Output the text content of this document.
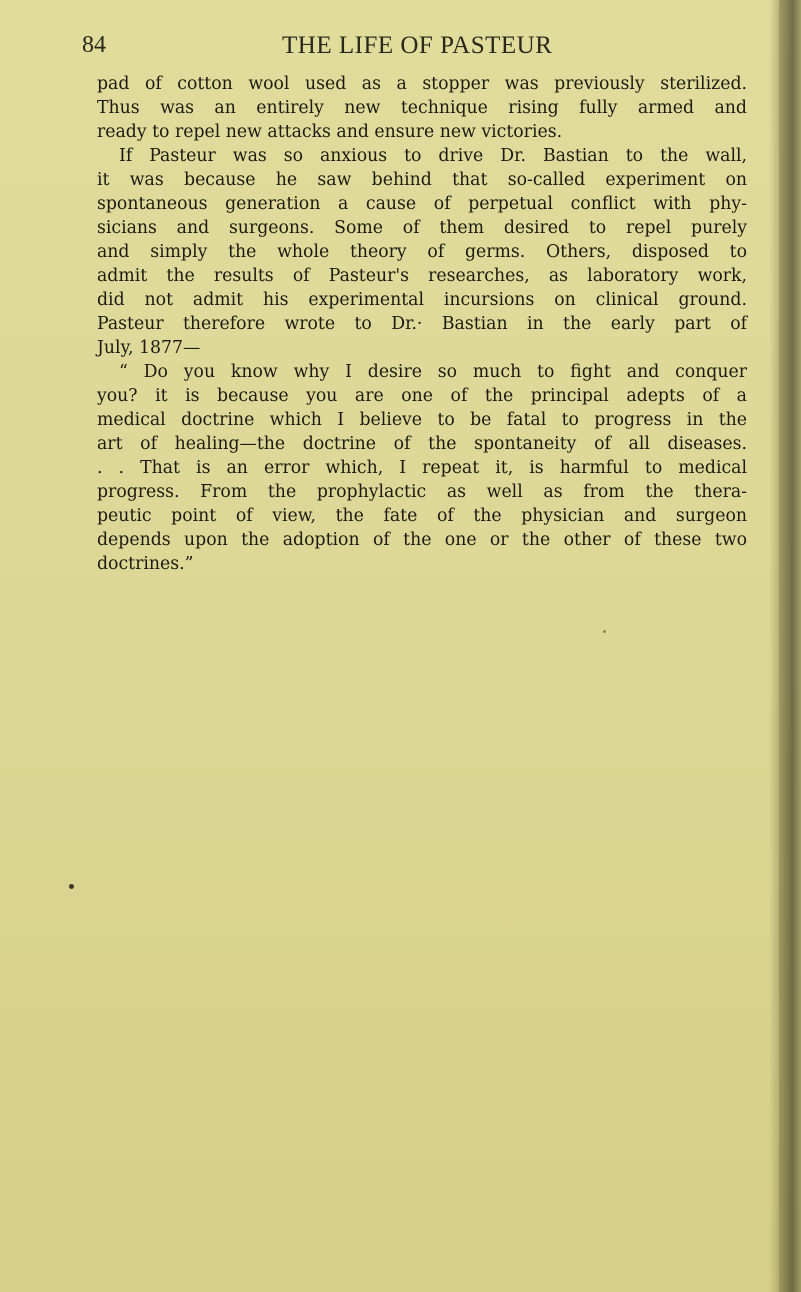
84	THE LIFE OF PASTEUR
pad of cotton wool used as a stopper was previously sterilized.
Thus was an entirely new technique rising fully armed and
ready to repel new attacks and ensure new victories.
If Pasteur was so anxious to drive Dr. Bastian to the wall,
it was because he saw behind that so-called experiment on
spontaneous generation a cause of perpetual conflict with phy-
sicians and surgeons. Some of them desired to repel purely
and simply the whole theory of germs. Others, disposed to
admit the results of Pasteur's researches, as laboratory work,
did not admit his experimental incursions on clinical ground.
Pasteur therefore wrote to Dr.· Bastian in the early part of
July, 1877—
“ Do you know why I desire so much to fight and conquer
you? it is because you are one of the principal adepts of a
medical doctrine which I believe to be fatal to progress in the
art of healing—the doctrine of the spontaneity of all diseases.
. . That is an error which, I repeat it, is harmful to medical
progress. From the prophylactic as well as from the thera-
peutic point of view, the fate of the physician and surgeon
depends upon the adoption of the one or the other of these two
doctrines.”
